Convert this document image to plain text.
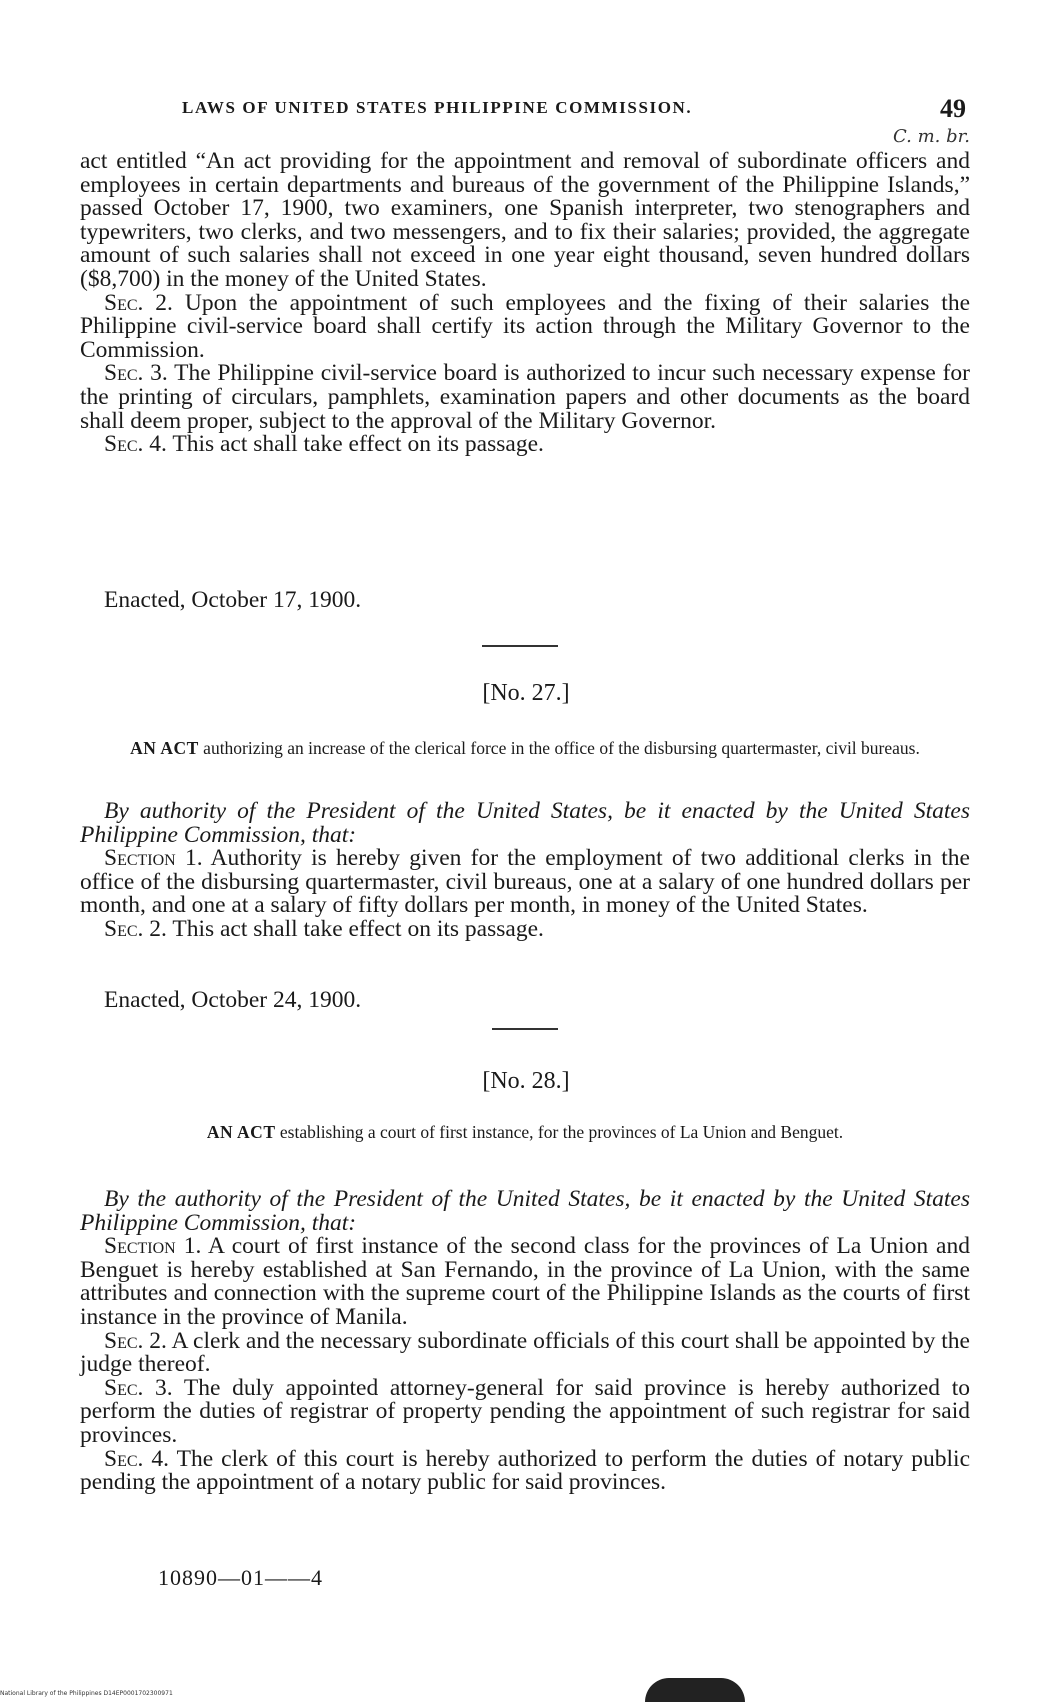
LAWS OF UNITED STATES PHILIPPINE COMMISSION.	49
C. m. br.

act entitled “An act providing for the appointment and removal of subordinate officers and employees in certain departments and bureaus of the government of the Philippine Islands,” passed October 17, 1900, two examiners, one Spanish interpreter, two stenographers and typewriters, two clerks, and two messengers, and to fix their salaries; provided, the aggregate amount of such salaries shall not exceed in one year eight thousand, seven hundred dollars ($8,700) in the money of the United States.

Sec. 2. Upon the appointment of such employees and the fixing of their salaries the Philippine civil-service board shall certify its action through the Military Governor to the Commission.

Sec. 3. The Philippine civil-service board is authorized to incur such necessary expense for the printing of circulars, pamphlets, examination papers and other documents as the board shall deem proper, subject to the approval of the Military Governor.

Sec. 4. This act shall take effect on its passage.

Enacted, October 17, 1900.
[No. 27.]
AN ACT authorizing an increase of the clerical force in the office of the disbursing quartermaster, civil bureaus.

By authority of the President of the United States, be it enacted by the United States Philippine Commission, that:

Section 1. Authority is hereby given for the employment of two additional clerks in the office of the disbursing quartermaster, civil bureaus, one at a salary of one hundred dollars per month, and one at a salary of fifty dollars per month, in money of the United States.

Sec. 2. This act shall take effect on its passage.

Enacted, October 24, 1900.
[No. 28.]
AN ACT establishing a court of first instance, for the provinces of La Union and Benguet.

By the authority of the President of the United States, be it enacted by the United States Philippine Commission, that:

Section 1. A court of first instance of the second class for the provinces of La Union and Benguet is hereby established at San Fernando, in the province of La Union, with the same attributes and connection with the supreme court of the Philippine Islands as the courts of first instance in the province of Manila.

Sec. 2. A clerk and the necessary subordinate officials of this court shall be appointed by the judge thereof.

Sec. 3. The duly appointed attorney-general for said province is hereby authorized to perform the duties of registrar of property pending the appointment of such registrar for said provinces.

Sec. 4. The clerk of this court is hereby authorized to perform the duties of notary public pending the appointment of a notary public for said provinces.

10890—01——4
National Library of the Philippines D14EP0001702300971
